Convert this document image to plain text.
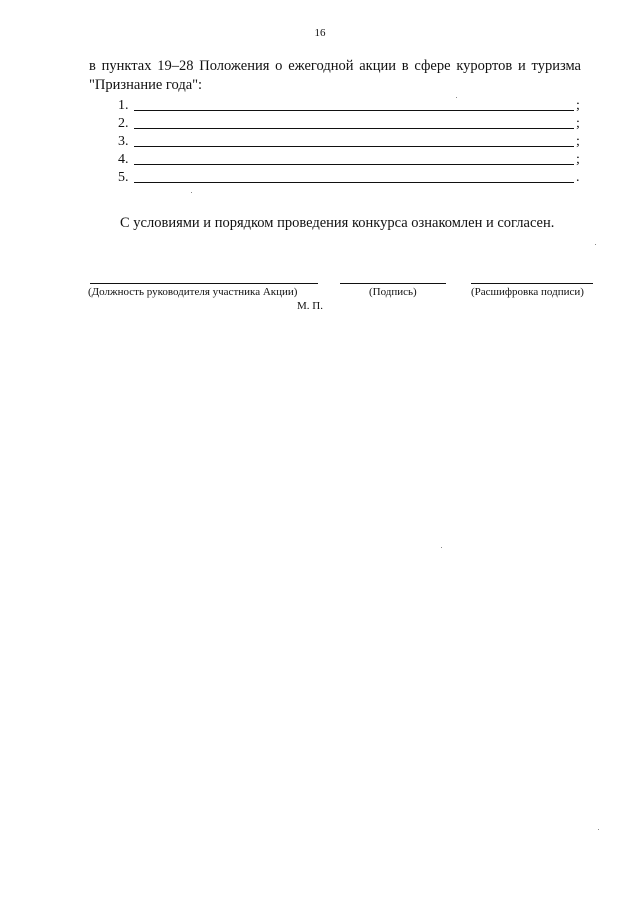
16
в пунктах 19–28 Положения о ежегодной акции в сфере курортов и туризма "Признание года":
1.	;
2.	;
3.	;
4.	;
5.	.
С условиями и порядком проведения конкурса ознакомлен и согласен.
(Должность руководителя участника Акции)	(Подпись)	(Расшифровка подписи)
М. П.
